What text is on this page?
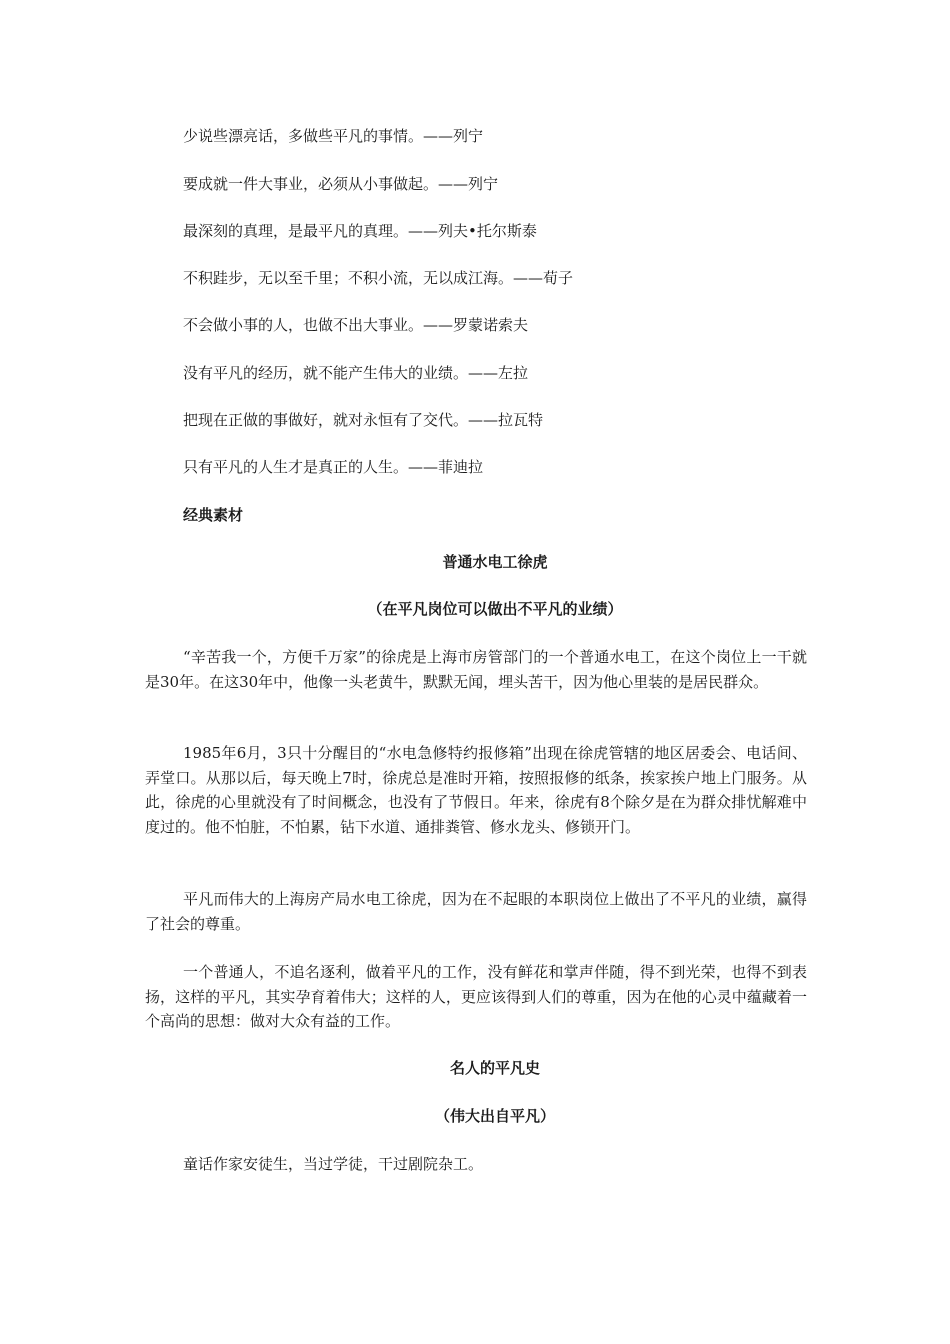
少说些漂亮话，多做些平凡的事情。——列宁

要成就一件大事业，必须从小事做起。——列宁

最深刻的真理，是最平凡的真理。——列夫•托尔斯泰

不积跬步，无以至千里；不积小流，无以成江海。——荀子

不会做小事的人，也做不出大事业。——罗蒙诺索夫

没有平凡的经历，就不能产生伟大的业绩。——左拉

把现在正做的事做好，就对永恒有了交代。——拉瓦特

只有平凡的人生才是真正的人生。——菲迪拉

经典素材

普通水电工徐虎

（在平凡岗位可以做出不平凡的业绩）

“辛苦我一个，方便千万家”的徐虎是上海市房管部门的一个普通水电工，在这个岗位上一干就是30年。在这30年中，他像一头老黄牛，默默无闻，埋头苦干，因为他心里装的是居民群众。

1985年6月，3只十分醒目的“水电急修特约报修箱”出现在徐虎管辖的地区居委会、电话间、弄堂口。从那以后，每天晚上7时，徐虎总是准时开箱，按照报修的纸条，挨家挨户地上门服务。从此，徐虎的心里就没有了时间概念，也没有了节假日。年来，徐虎有8个除夕是在为群众排忧解难中度过的。他不怕脏，不怕累，钻下水道、通排粪管、修水龙头、修锁开门。

平凡而伟大的上海房产局水电工徐虎，因为在不起眼的本职岗位上做出了不平凡的业绩，赢得了社会的尊重。

一个普通人，不追名逐利，做着平凡的工作，没有鲜花和掌声伴随，得不到光荣，也得不到表扬，这样的平凡，其实孕育着伟大；这样的人，更应该得到人们的尊重，因为在他的心灵中蕴藏着一个高尚的思想：做对大众有益的工作。

名人的平凡史

（伟大出自平凡）

童话作家安徒生，当过学徒，干过剧院杂工。
